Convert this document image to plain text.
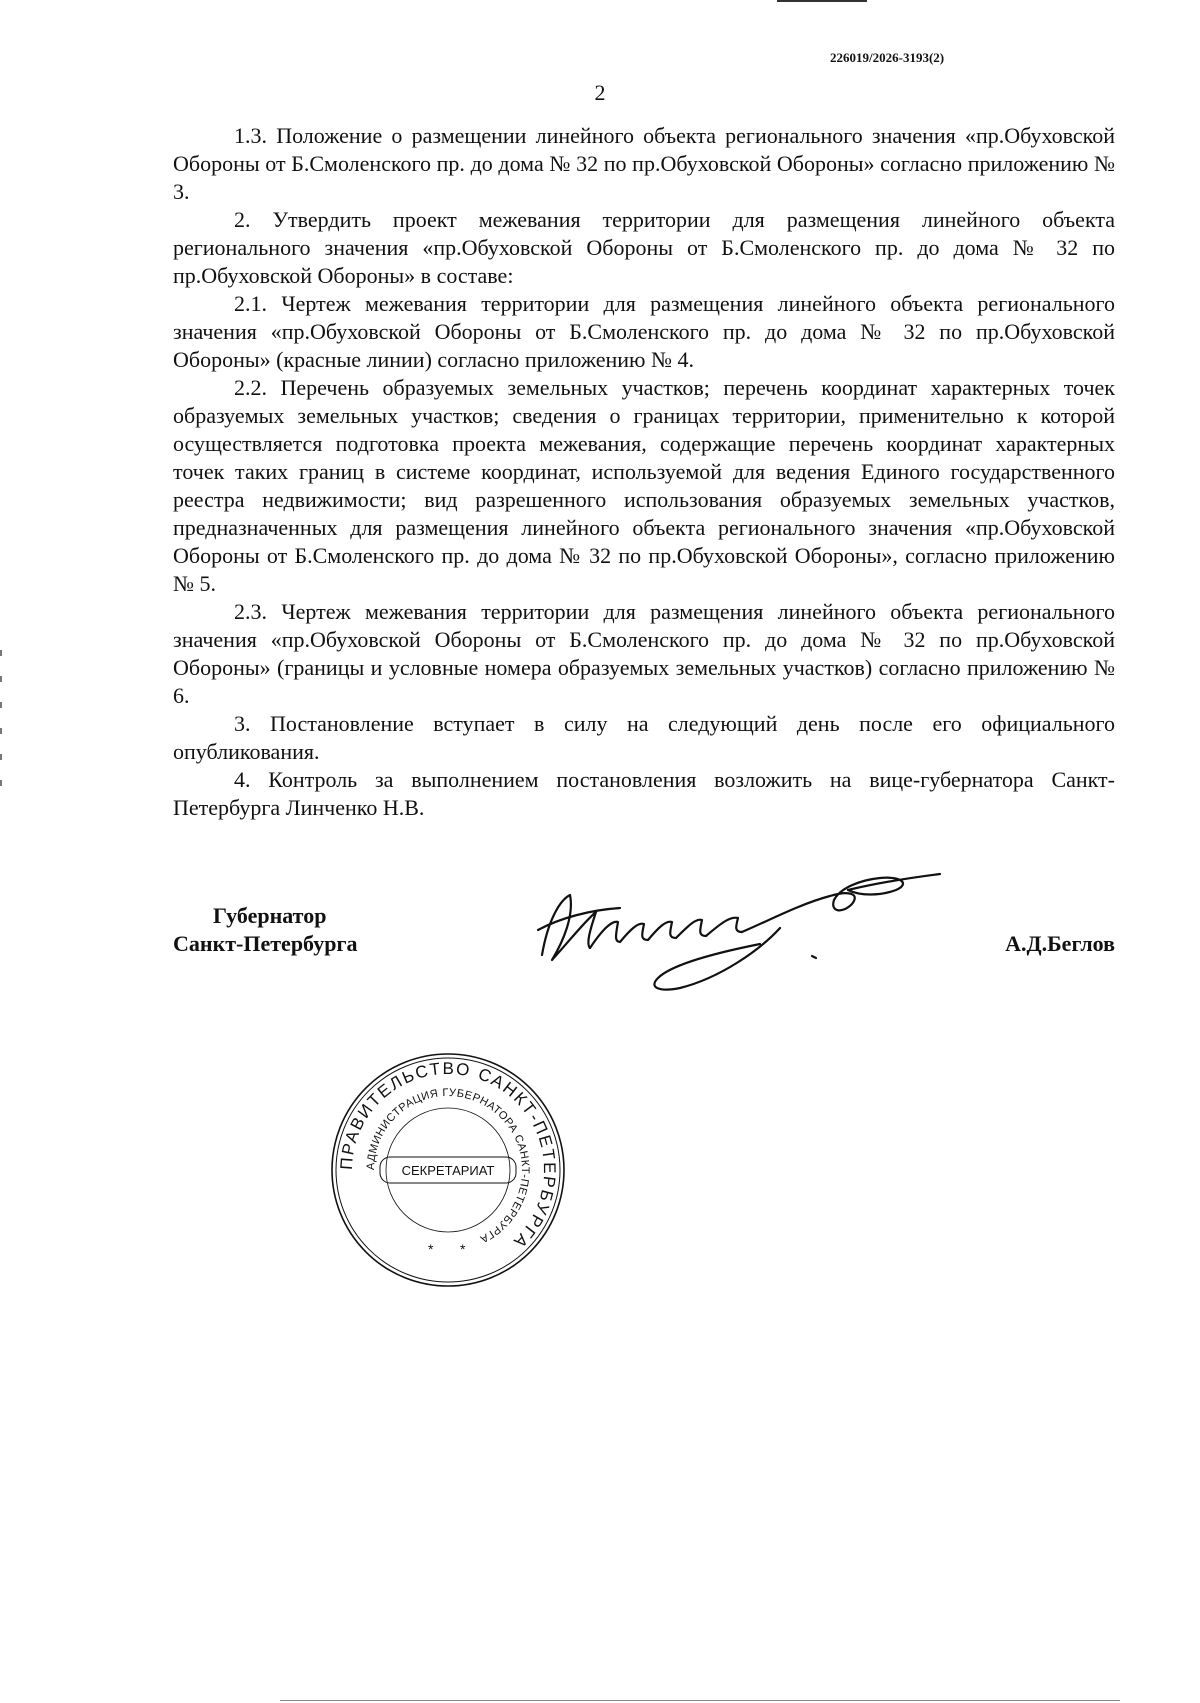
226019/2026-3193(2)
2

1.3. Положение о размещении линейного объекта регионального значения «пр.Обуховской Обороны от Б.Смоленского пр. до дома № 32 по пр.Обуховской Обороны» согласно приложению № 3.

2. Утвердить проект межевания территории для размещения линейного объекта регионального значения «пр.Обуховской Обороны от Б.Смоленского пр. до дома № 32 по пр.Обуховской Обороны» в составе:

2.1. Чертеж межевания территории для размещения линейного объекта регионального значения «пр.Обуховской Обороны от Б.Смоленского пр. до дома № 32 по пр.Обуховской Обороны» (красные линии) согласно приложению № 4.

2.2. Перечень образуемых земельных участков; перечень координат характерных точек образуемых земельных участков; сведения о границах территории, применительно к которой осуществляется подготовка проекта межевания, содержащие перечень координат характерных точек таких границ в системе координат, используемой для ведения Единого государственного реестра недвижимости; вид разрешенного использования образуемых земельных участков, предназначенных для размещения линейного объекта регионального значения «пр.Обуховской Обороны от Б.Смоленского пр. до дома № 32 по пр.Обуховской Обороны», согласно приложению № 5.

2.3. Чертеж межевания территории для размещения линейного объекта регионального значения «пр.Обуховской Обороны от Б.Смоленского пр. до дома № 32 по пр.Обуховской Обороны» (границы и условные номера образуемых земельных участков) согласно приложению № 6.

3. Постановление вступает в силу на следующий день после его официального опубликования.

4. Контроль за выполнением постановления возложить на вице-губернатора Санкт-Петербурга Линченко Н.В.

Губернатор
Санкт-Петербурга	А.Д.Беглов
ПРАВИТЕЛЬСТВО САНКТ-ПЕТЕРБУРГА
АДМИНИСТРАЦИЯ ГУБЕРНАТОРА САНКТ-ПЕТЕРБУРГА
СЕКРЕТАРИАТ
* *
